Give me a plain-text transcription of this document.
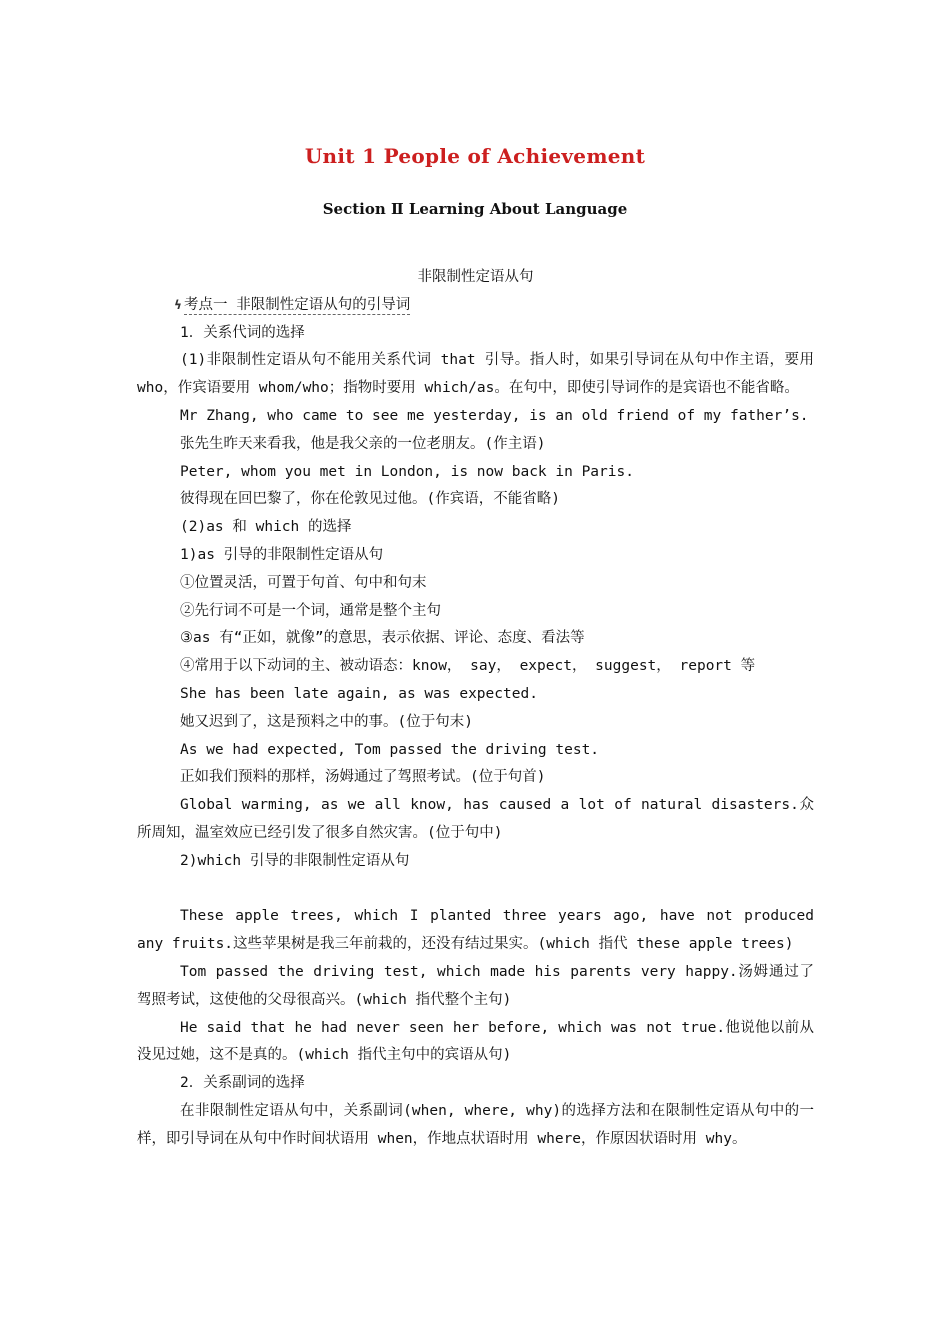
Unit 1 People of Achievement
Section Ⅱ Learning About Language

非限制性定语从句

ϟ 考点一 非限制性定语从句的引导词

1．关系代词的选择

(1)非限制性定语从句不能用关系代词 that 引导。指人时，如果引导词在从句中作主语，要用 who，作宾语要用 whom/who；指物时要用 which/as。在句中，即使引导词作的是宾语也不能省略。

Mr Zhang, who came to see me yesterday, is an old friend of my father’s.

张先生昨天来看我，他是我父亲的一位老朋友。(作主语)

Peter, whom you met in London, is now back in Paris.

彼得现在回巴黎了，你在伦敦见过他。(作宾语，不能省略)

(2)as 和 which 的选择

1)as 引导的非限制性定语从句

①位置灵活，可置于句首、句中和句末

②先行词不可是一个词，通常是整个主句

③as 有“正如，就像”的意思，表示依据、评论、态度、看法等

④常用于以下动词的主、被动语态：know， say， expect， suggest， report 等

She has been late again, as was expected.

她又迟到了，这是预料之中的事。(位于句末)

As we had expected, Tom passed the driving test.

正如我们预料的那样，汤姆通过了驾照考试。(位于句首)

Global warming, as we all know, has caused a lot of natural disasters.众所周知，温室效应已经引发了很多自然灾害。(位于句中)

2)which 引导的非限制性定语从句

These apple trees, which I planted three years ago, have not produced any fruits.这些苹果树是我三年前栽的，还没有结过果实。(which 指代 these apple trees)

Tom passed the driving test, which made his parents very happy.汤姆通过了驾照考试，这使他的父母很高兴。(which 指代整个主句)

He said that he had never seen her before, which was not true.他说他以前从没见过她，这不是真的。(which 指代主句中的宾语从句)

2．关系副词的选择

在非限制性定语从句中，关系副词(when, where, why)的选择方法和在限制性定语从句中的一样，即引导词在从句中作时间状语用 when，作地点状语时用 where，作原因状语时用 why。
